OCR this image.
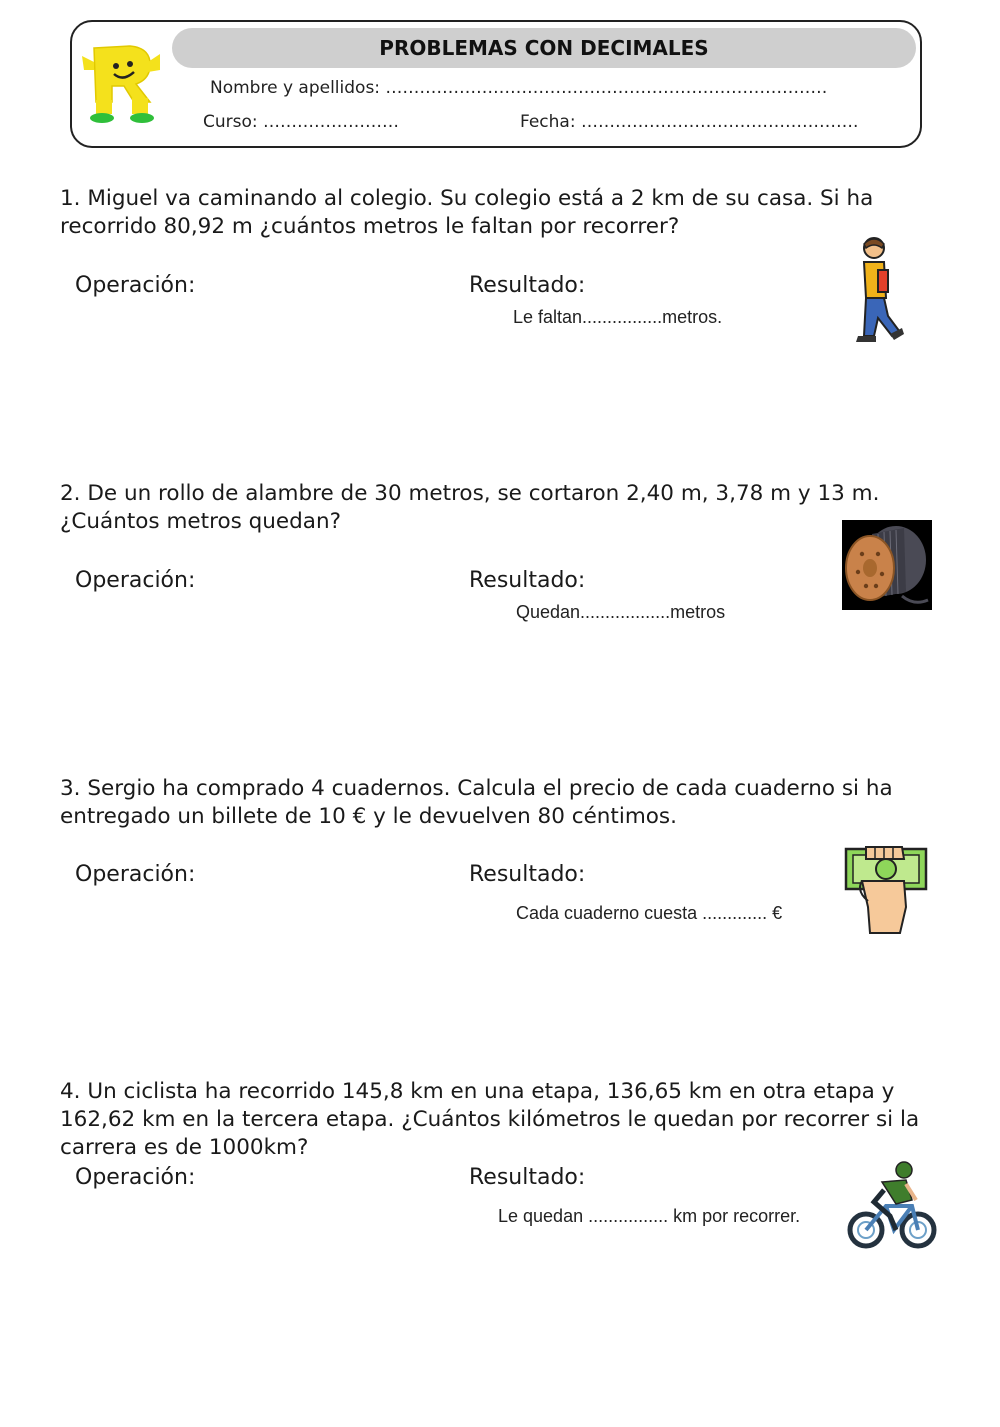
PROBLEMAS CON DECIMALES
Nombre y apellidos: ……………………………………………………………………
Curso: ……………………	Fecha: ………………………………………….
1. Miguel va caminando al colegio. Su colegio está a 2 km de su casa. Si ha recorrido 80,92 m ¿cuántos metros le faltan por recorrer?
Operación:	Resultado:
Le faltan................metros.
2. De un rollo de alambre de 30 metros, se cortaron 2,40 m, 3,78 m y 13 m. ¿Cuántos metros quedan?
Operación:	Resultado:
Quedan..................metros
3. Sergio ha comprado 4 cuadernos. Calcula el precio de cada cuaderno si ha entregado un billete de 10 € y le devuelven 80 céntimos.
Operación:	Resultado:
Cada cuaderno cuesta ............. €
4. Un ciclista ha recorrido 145,8 km en una etapa, 136,65 km en otra etapa y 162,62 km en la tercera etapa. ¿Cuántos kilómetros le quedan por recorrer si la carrera es de 1000km?
Operación:	Resultado:
Le quedan ................ km por recorrer.
